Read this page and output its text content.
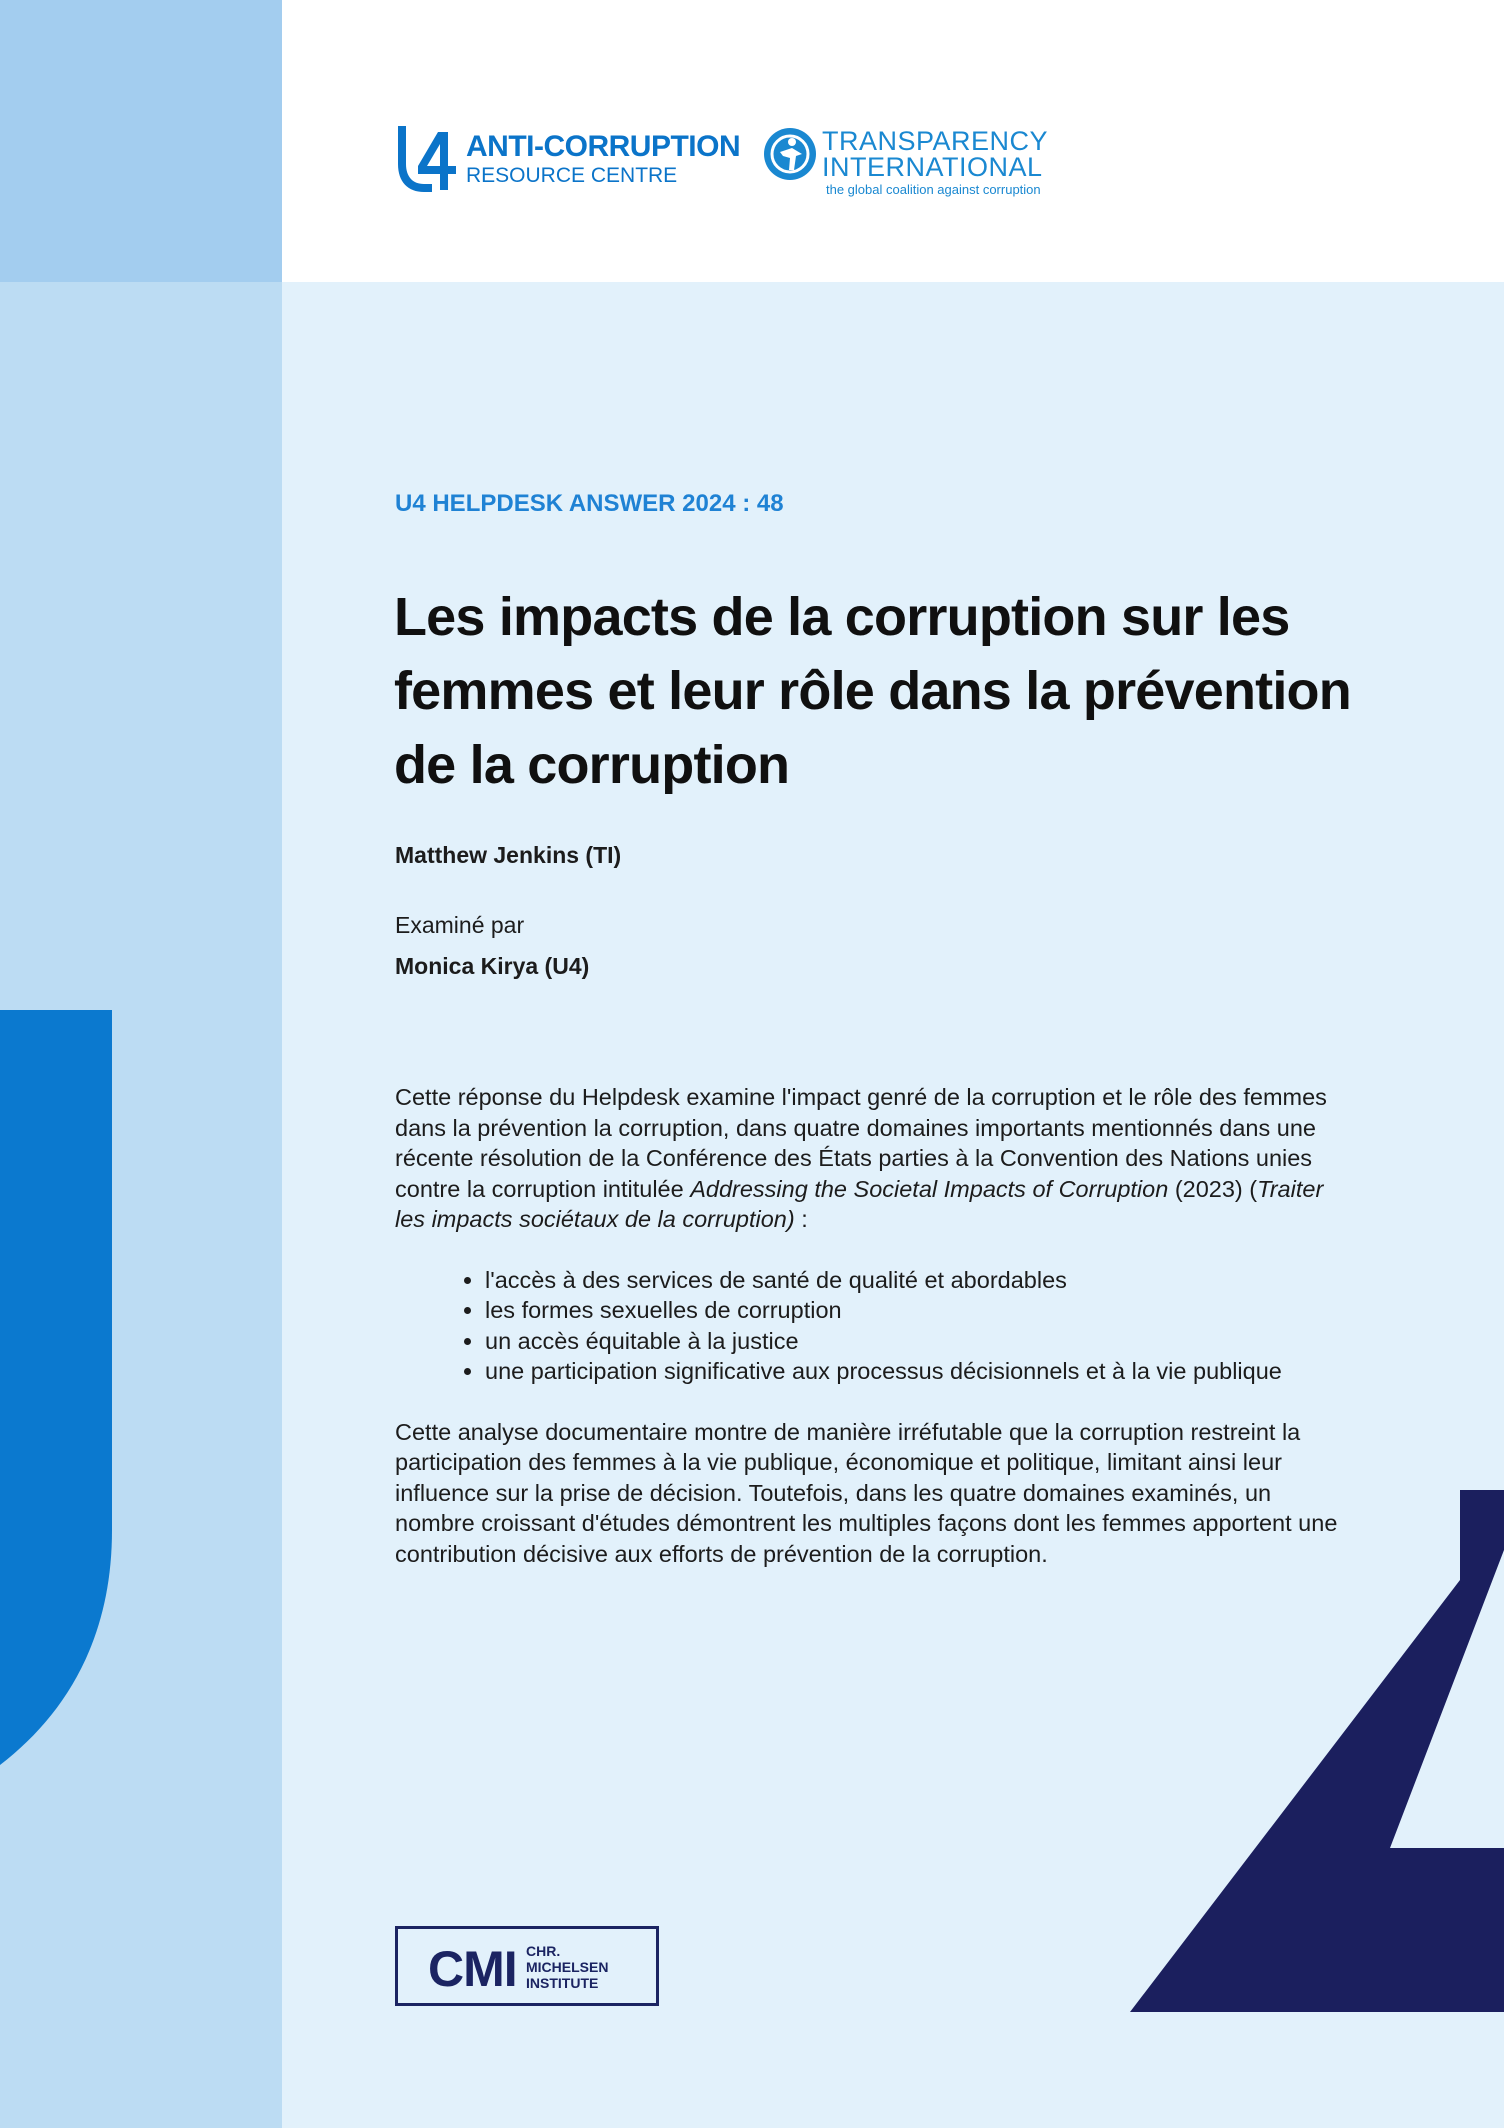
ANTI-CORRUPTION
RESOURCE CENTRE
TRANSPARENCY
INTERNATIONAL
the global coalition against corruption
U4 HELPDESK ANSWER 2024 : 48
Les impacts de la corruption sur les femmes et leur rôle dans la prévention de la corruption
Matthew Jenkins (TI)
Examiné par
Monica Kirya (U4)

Cette réponse du Helpdesk examine l'impact genré de la corruption et le rôle des femmes dans la prévention la corruption, dans quatre domaines importants mentionnés dans une récente résolution de la Conférence des États parties à la Convention des Nations unies contre la corruption intitulée Addressing the Societal Impacts of Corruption (2023) (Traiter les impacts sociétaux de la corruption) :

• l'accès à des services de santé de qualité et abordables
• les formes sexuelles de corruption
• un accès équitable à la justice
• une participation significative aux processus décisionnels et à la vie publique

Cette analyse documentaire montre de manière irréfutable que la corruption restreint la participation des femmes à la vie publique, économique et politique, limitant ainsi leur influence sur la prise de décision. Toutefois, dans les quatre domaines examinés, un nombre croissant d'études démontrent les multiples façons dont les femmes apportent une contribution décisive aux efforts de prévention de la corruption.

CMI CHR.
MICHELSEN
INSTITUTE
